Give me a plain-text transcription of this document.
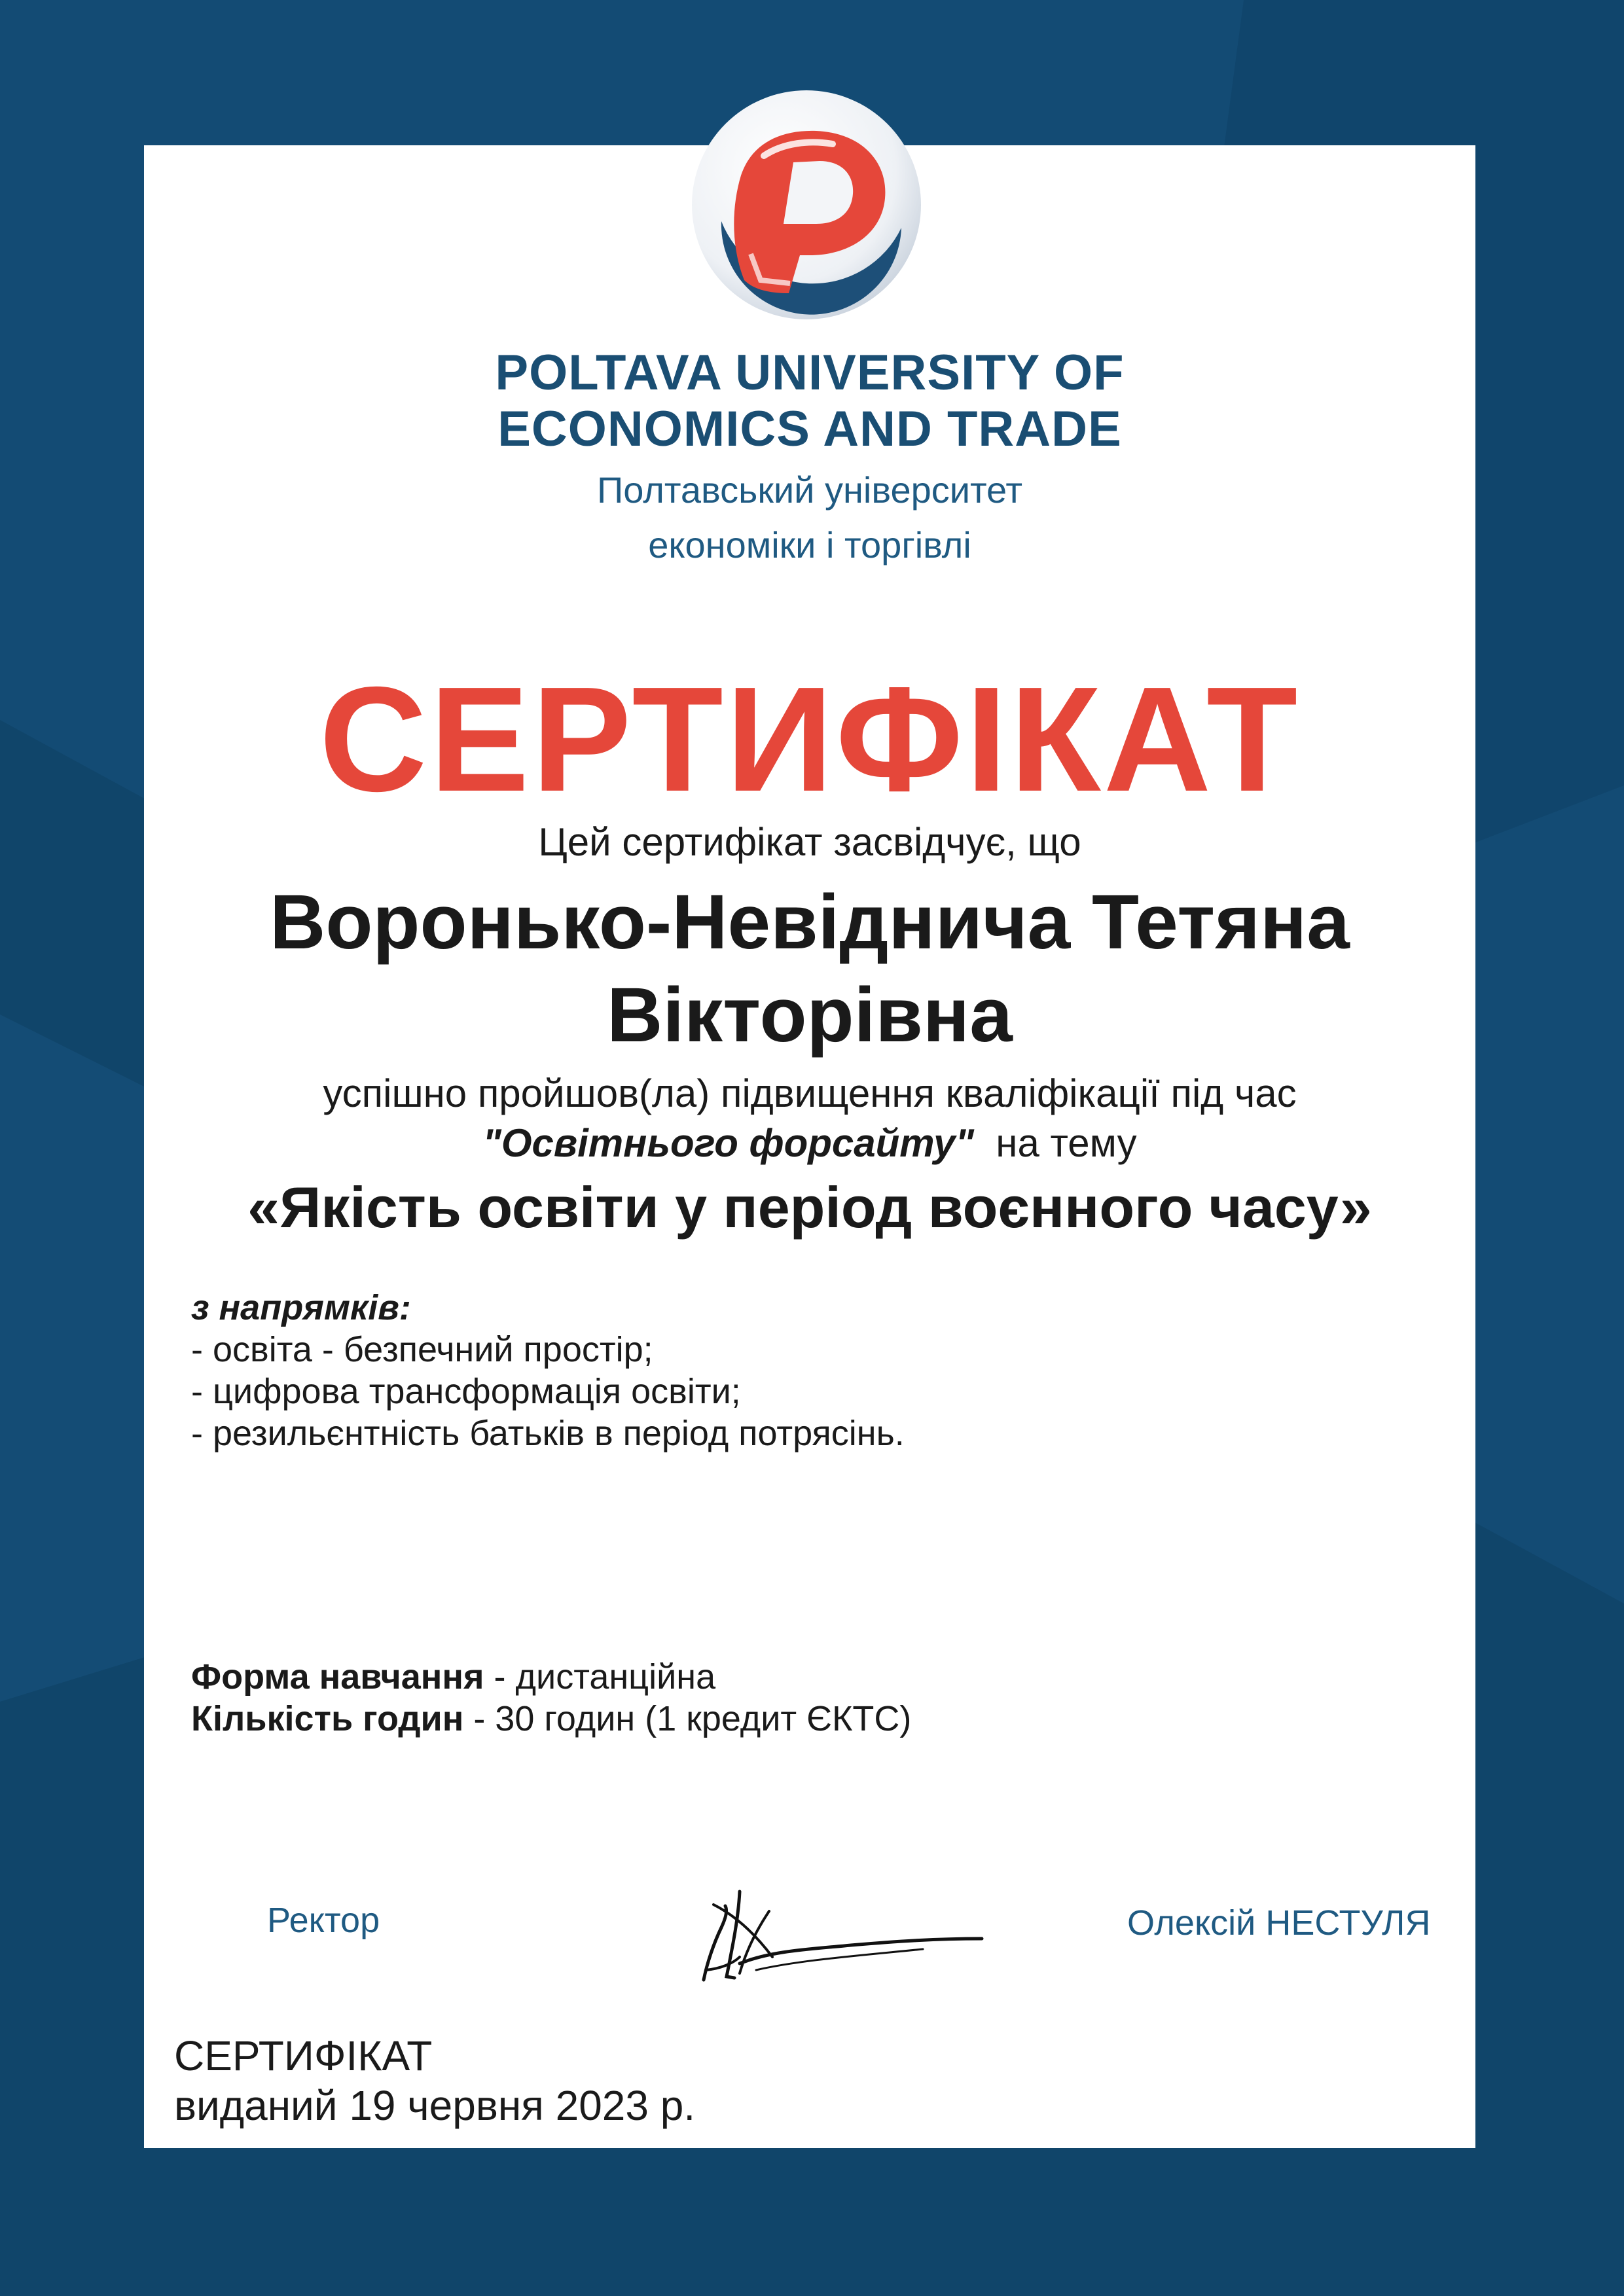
POLTAVA UNIVERSITY OF
ECONOMICS AND TRADE
Полтавський університет
економіки і торгівлі
СЕРТИФІКАТ
Цей сертифікат засвідчує, що
Воронько-Невіднича Тетяна
Вікторівна
успішно пройшов(ла) підвищення кваліфікації під час
"Освітнього форсайту"  на тему
«Якість освіти у період воєнного часу»
з напрямків:
- освіта - безпечний простір;
- цифрова трансформація освіти;
- резильєнтність батьків в період потрясінь.
Форма навчання - дистанційна
Кількість годин - 30 годин (1 кредит ЄКТС)
Ректор	Олексій НЕСТУЛЯ
СЕРТИФІКАТ
виданий 19 червня 2023 р.
